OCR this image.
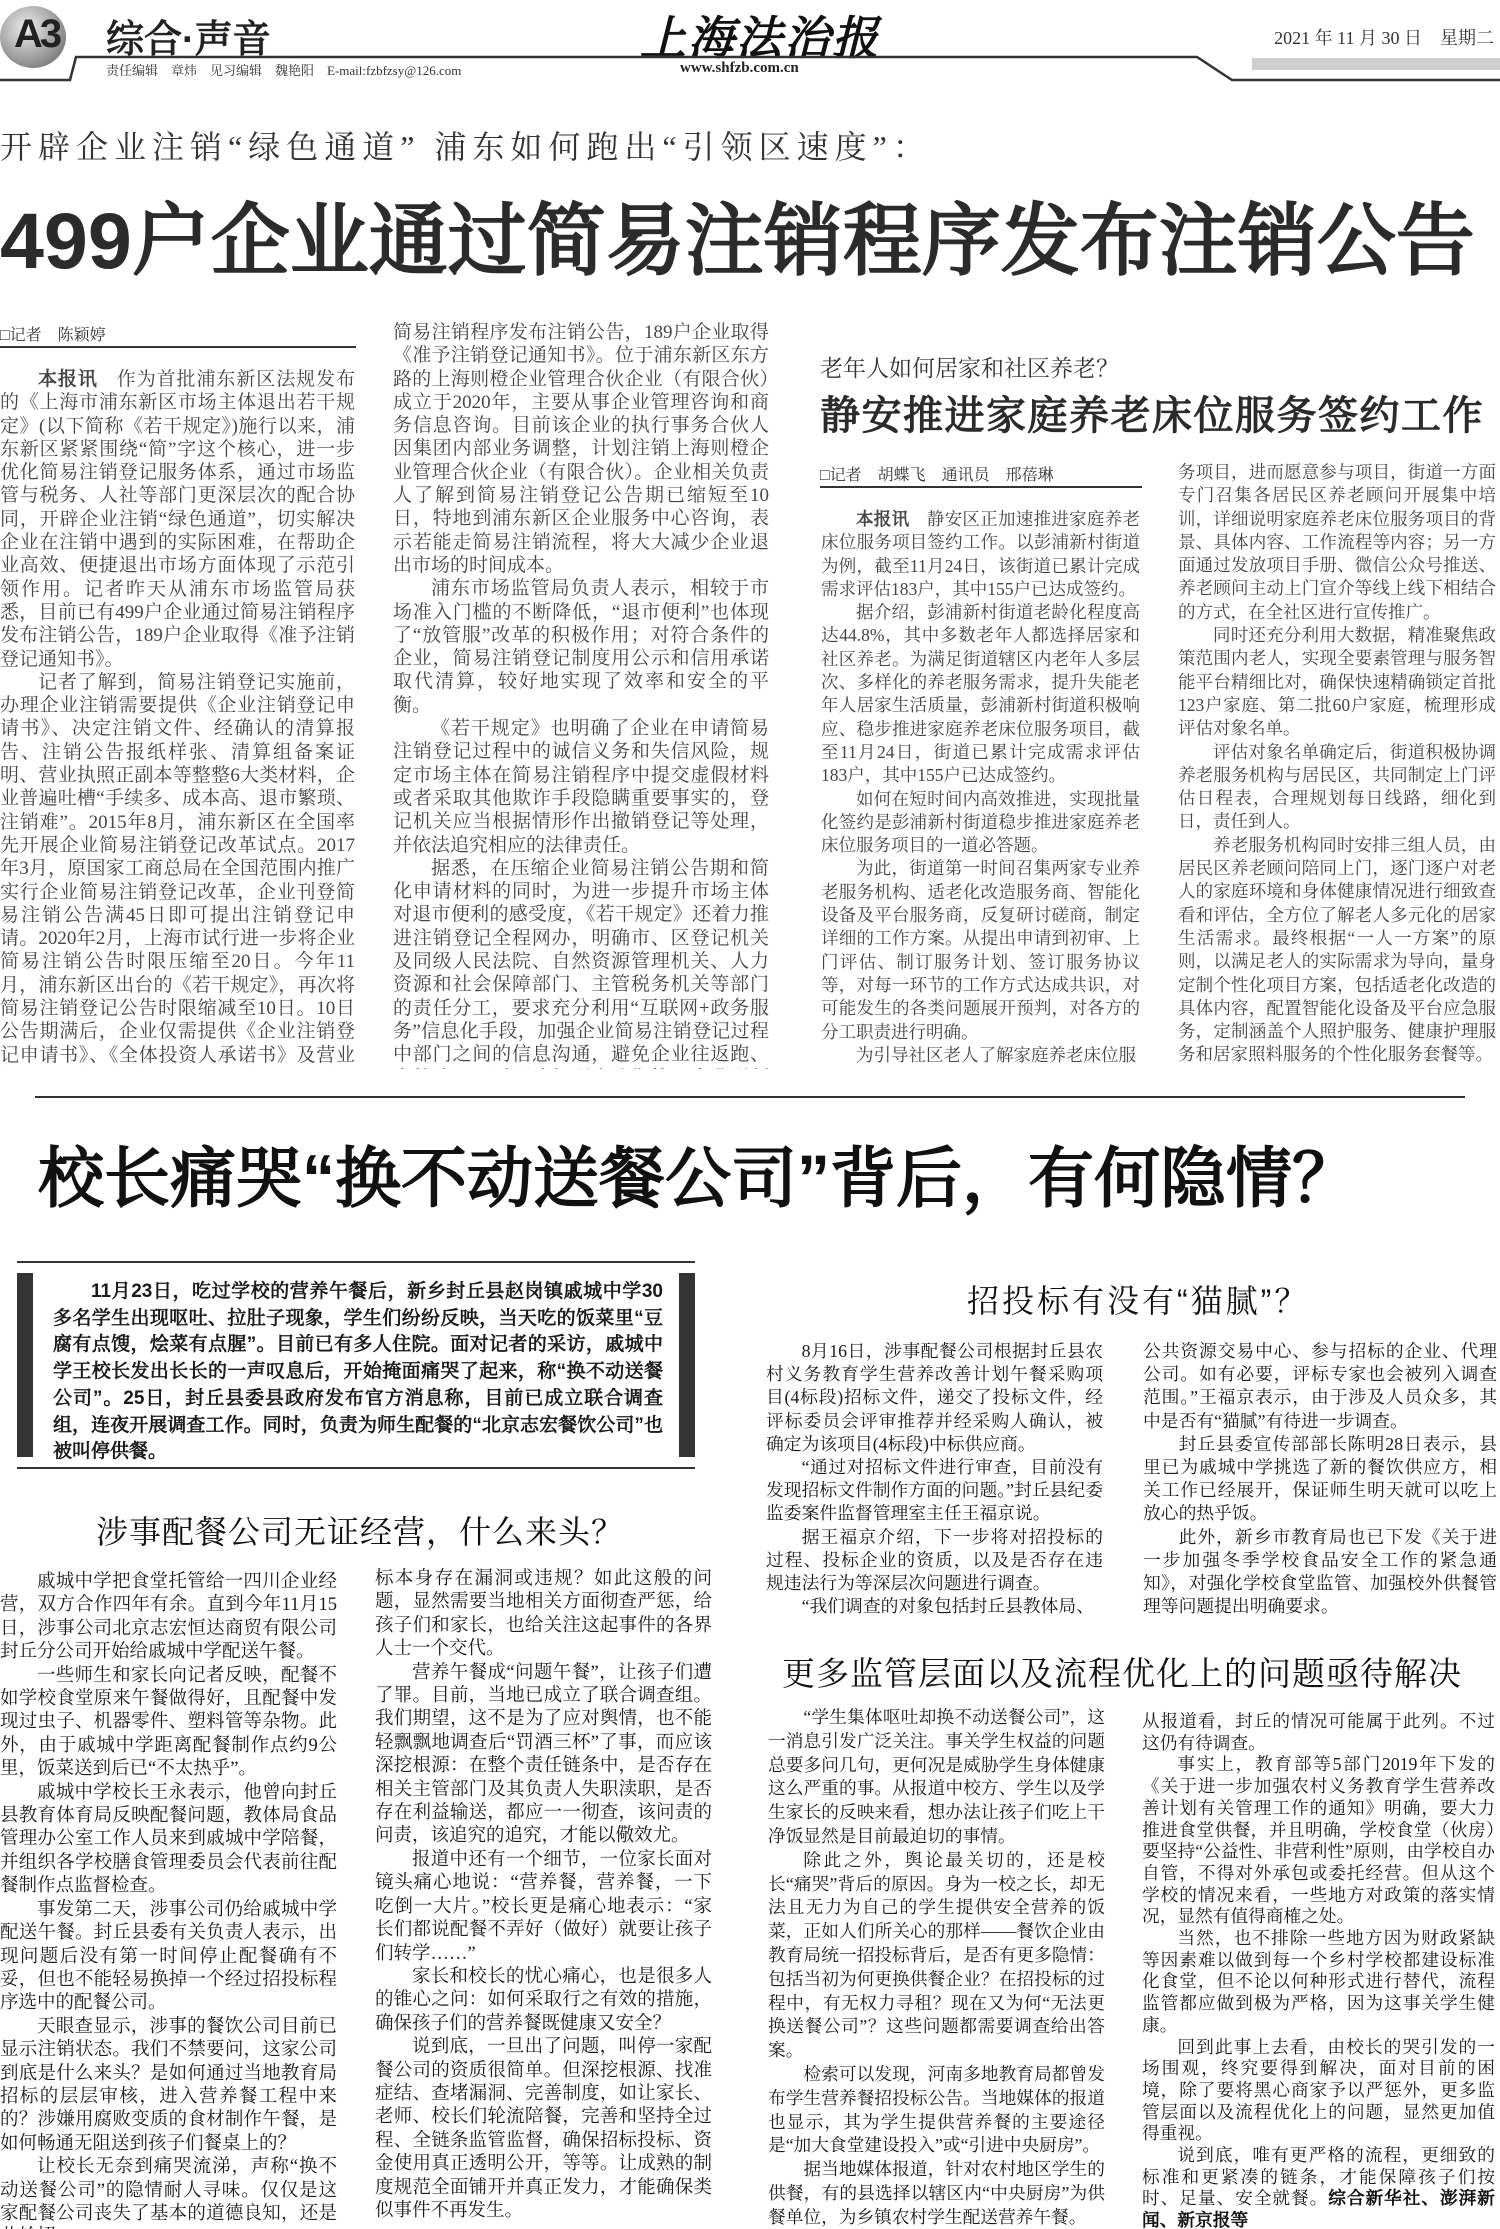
A3 综合·声音	上海法治报	2021 年 11 月 30 日　星期二
责任编辑　章炜　见习编辑　魏艳阳　E-mail:fzbfzsy@126.com	www.shfzb.com.cn
开辟企业注销“绿色通道” 浦东如何跑出“引领区速度”：
499户企业通过简易注销程序发布注销公告
□记者　陈颖婷

本报讯 作为首批浦东新区法规发布的《上海市浦东新区市场主体退出若干规定》(以下简称《若干规定》)施行以来，浦东新区紧紧围绕“简”字这个核心，进一步优化简易注销登记服务体系，通过市场监管与税务、人社等部门更深层次的配合协同，开辟企业注销“绿色通道”，切实解决企业在注销中遇到的实际困难，在帮助企业高效、便捷退出市场方面体现了示范引领作用。记者昨天从浦东市场监管局获悉，目前已有499户企业通过简易注销程序发布注销公告，189户企业取得《准予注销登记通知书》。

记者了解到，简易注销登记实施前，办理企业注销需要提供《企业注销登记申请书》、决定注销文件、经确认的清算报告、注销公告报纸样张、清算组备案证明、营业执照正副本等整整6大类材料，企业普遍吐槽“手续多、成本高、退市繁琐、注销难”。2015年8月，浦东新区在全国率先开展企业简易注销登记改革试点。2017年3月，原国家工商总局在全国范围内推广实行企业简易注销登记改革，企业刊登简易注销公告满45日即可提出注销登记申请。2020年2月，上海市试行进一步将企业简易注销公告时限压缩至20日。今年11月，浦东新区出台的《若干规定》，再次将简易注销登记公告时限缩减至10日。10日公告期满后，企业仅需提供《企业注销登记申请书》、《全体投资人承诺书》及营业

简易注销程序发布注销公告，189户企业取得《准予注销登记通知书》。位于浦东新区东方路的上海则橙企业管理合伙企业（有限合伙）成立于2020年，主要从事企业管理咨询和商务信息咨询。目前该企业的执行事务合伙人因集团内部业务调整，计划注销上海则橙企业管理合伙企业（有限合伙）。企业相关负责人了解到简易注销登记公告期已缩短至10日，特地到浦东新区企业服务中心咨询，表示若能走简易注销流程，将大大减少企业退出市场的时间成本。

浦东市场监管局负责人表示，相较于市场准入门槛的不断降低，“退市便利”也体现了“放管服”改革的积极作用；对符合条件的企业，简易注销登记制度用公示和信用承诺取代清算，较好地实现了效率和安全的平衡。

《若干规定》也明确了企业在申请简易注销登记过程中的诚信义务和失信风险，规定市场主体在简易注销程序中提交虚假材料或者采取其他欺诈手段隐瞒重要事实的，登记机关应当根据情形作出撤销登记等处理，并依法追究相应的法律责任。

据悉，在压缩企业简易注销公告期和简化申请材料的同时，为进一步提升市场主体对退市便利的感受度，《若干规定》还着力推进注销登记全程网办，明确市、区登记机关及同级人民法院、自然资源管理机关、人力资源和社会保障部门、主管税务机关等部门的责任分工，要求充分利用“互联网+政务服务”信息化手段，加强企业简易注销登记过程中部门之间的信息沟通，避免企业往返跑、

老年人如何居家和社区养老？
静安推进家庭养老床位服务签约工作
□记者　胡蝶飞　通讯员　邢蓓琳

本报讯 静安区正加速推进家庭养老床位服务项目签约工作。以彭浦新村街道为例，截至11月24日，该街道已累计完成需求评估183户，其中155户已达成签约。

据介绍，彭浦新村街道老龄化程度高达44.8%，其中多数老年人都选择居家和社区养老。为满足街道辖区内老年人多层次、多样化的养老服务需求，提升失能老年人居家生活质量，彭浦新村街道积极响应、稳步推进家庭养老床位服务项目，截至11月24日，街道已累计完成需求评估183户，其中155户已达成签约。

如何在短时间内高效推进，实现批量化签约是彭浦新村街道稳步推进家庭养老床位服务项目的一道必答题。

为此，街道第一时间召集两家专业养老服务机构、适老化改造服务商、智能化设备及平台服务商，反复研讨磋商，制定详细的工作方案。从提出申请到初审、上门评估、制订服务计划、签订服务协议等，对每一环节的工作方式达成共识，对可能发生的各类问题展开预判，对各方的分工职责进行明确。

为引导社区老人了解家庭养老床位服

务项目，进而愿意参与项目，街道一方面专门召集各居民区养老顾问开展集中培训，详细说明家庭养老床位服务项目的背景、具体内容、工作流程等内容；另一方面通过发放项目手册、微信公众号推送、养老顾问主动上门宣介等线上线下相结合的方式，在全社区进行宣传推广。

同时还充分利用大数据，精准聚焦政策范围内老人，实现全要素管理与服务智能平台精细比对，确保快速精确锁定首批123户家庭、第二批60户家庭，梳理形成评估对象名单。

评估对象名单确定后，街道积极协调养老服务机构与居民区，共同制定上门评估日程表，合理规划每日线路，细化到日，责任到人。

养老服务机构同时安排三组人员，由居民区养老顾问陪同上门，逐门逐户对老人的家庭环境和身体健康情况进行细致查看和评估，全方位了解老人多元化的居家生活需求。最终根据“一人一方案”的原则，以满足老人的实际需求为导向，量身定制个性化项目方案，包括适老化改造的具体内容，配置智能化设备及平台应急服务，定制涵盖个人照护服务、健康护理服务和居家照料服务的个性化服务套餐等。

校长痛哭“换不动送餐公司”背后，有何隐情？

11月23日，吃过学校的营养午餐后，新乡封丘县赵岗镇戚城中学30多名学生出现呕吐、拉肚子现象，学生们纷纷反映，当天吃的饭菜里“豆腐有点馊，烩菜有点腥”。目前已有多人住院。面对记者的采访，戚城中学王校长发出长长的一声叹息后，开始掩面痛哭了起来，称“换不动送餐公司”。25日，封丘县委县政府发布官方消息称，目前已成立联合调查组，连夜开展调查工作。同时，负责为师生配餐的“北京志宏餐饮公司”也被叫停供餐。

涉事配餐公司无证经营，什么来头？

戚城中学把食堂托管给一四川企业经营，双方合作四年有余。直到今年11月15日，涉事公司北京志宏恒达商贸有限公司封丘分公司开始给戚城中学配送午餐。

一些师生和家长向记者反映，配餐不如学校食堂原来午餐做得好，且配餐中发现过虫子、机器零件、塑料管等杂物。此外，由于戚城中学距离配餐制作点约9公里，饭菜送到后已“不太热乎”。

戚城中学校长王永表示，他曾向封丘县教育体育局反映配餐问题，教体局食品管理办公室工作人员来到戚城中学陪餐，并组织各学校膳食管理委员会代表前往配餐制作点监督检查。

事发第二天，涉事公司仍给戚城中学配送午餐。封丘县委有关负责人表示，出现问题后没有第一时间停止配餐确有不妥，但也不能轻易换掉一个经过招投标程序选中的配餐公司。

天眼查显示，涉事的餐饮公司目前已显示注销状态。我们不禁要问，这家公司到底是什么来头？是如何通过当地教育局招标的层层审核，进入营养餐工程中来的？涉嫌用腐败变质的食材制作午餐，是如何畅通无阻送到孩子们餐桌上的？

让校长无奈到痛哭流涕，声称“换不动送餐公司”的隐情耐人寻味。仅仅是这家配餐公司丧失了基本的道德良知，还是

标本身存在漏洞或违规？如此这般的问题，显然需要当地相关方面彻查严惩，给孩子们和家长，也给关注这起事件的各界人士一个交代。

营养午餐成“问题午餐”，让孩子们遭了罪。目前，当地已成立了联合调查组。我们期望，这不是为了应对舆情，也不能轻飘飘地调查后“罚酒三杯”了事，而应该深挖根源：在整个责任链条中，是否存在相关主管部门及其负责人失职渎职，是否存在利益输送，都应一一彻查，该问责的问责，该追究的追究，才能以儆效尤。

报道中还有一个细节，一位家长面对镜头痛心地说：“营养餐，营养餐，一下吃倒一大片。”校长更是痛心地表示：“家长们都说配餐不弄好（做好）就要让孩子们转学……”

家长和校长的忧心痛心，也是很多人的锥心之问：如何采取行之有效的措施，确保孩子们的营养餐既健康又安全？

说到底，一旦出了问题，叫停一家配餐公司的资质很简单。但深挖根源、找准症结、查堵漏洞、完善制度，如让家长、老师、校长们轮流陪餐，完善和坚持全过程、全链条监管监督，确保招标投标、资金使用真正透明公开，等等。让成熟的制度规范全面铺开并真正发力，才能确保类似事件不再发生。

招投标有没有“猫腻”？

8月16日，涉事配餐公司根据封丘县农村义务教育学生营养改善计划午餐采购项目(4标段)招标文件，递交了投标文件，经评标委员会评审推荐并经采购人确认，被确定为该项目(4标段)中标供应商。

“通过对招标文件进行审查，目前没有发现招标文件制作方面的问题。”封丘县纪委监委案件监督管理室主任王福京说。

据王福京介绍，下一步将对招投标的过程、投标企业的资质，以及是否存在违规违法行为等深层次问题进行调查。

“我们调查的对象包括封丘县教体局、

公共资源交易中心、参与招标的企业、代理公司。如有必要，评标专家也会被列入调查范围。”王福京表示，由于涉及人员众多，其中是否有“猫腻”有待进一步调查。

封丘县委宣传部部长陈明28日表示，县里已为戚城中学挑选了新的餐饮供应方，相关工作已经展开，保证师生明天就可以吃上放心的热乎饭。

此外，新乡市教育局也已下发《关于进一步加强冬季学校食品安全工作的紧急通知》，对强化学校食堂监管、加强校外供餐管理等问题提出明确要求。

更多监管层面以及流程优化上的问题亟待解决

“学生集体呕吐却换不动送餐公司”，这一消息引发广泛关注。事关学生权益的问题总要多问几句，更何况是威胁学生身体健康这么严重的事。从报道中校方、学生以及学生家长的反映来看，想办法让孩子们吃上干净饭显然是目前最迫切的事情。

除此之外，舆论最关切的，还是校长“痛哭”背后的原因。身为一校之长，却无法且无力为自己的学生提供安全营养的饭菜，正如人们所关心的那样——餐饮企业由教育局统一招投标背后，是否有更多隐情：包括当初为何更换供餐企业？在招投标的过程中，有无权力寻租？现在又为何“无法更换送餐公司”？这些问题都需要调查给出答案。

检索可以发现，河南多地教育局都曾发布学生营养餐招投标公告。当地媒体的报道也显示，其为学生提供营养餐的主要途径是“加大食堂建设投入”或“引进中央厨房”。

据当地媒体报道，针对农村地区学生的供餐，有的县选择以辖区内“中央厨房”为供餐单位，为乡镇农村学生配送营养午餐。

从报道看，封丘的情况可能属于此列。不过这仍有待调查。

事实上，教育部等5部门2019年下发的《关于进一步加强农村义务教育学生营养改善计划有关管理工作的通知》明确，要大力推进食堂供餐，并且明确，学校食堂（伙房）要坚持“公益性、非营利性”原则，由学校自办自管，不得对外承包或委托经营。但从这个学校的情况来看，一些地方对政策的落实情况，显然有值得商榷之处。

当然，也不排除一些地方因为财政紧缺等因素难以做到每一个乡村学校都建设标准化食堂，但不论以何种形式进行替代，流程监管都应做到极为严格，因为这事关学生健康。

回到此事上去看，由校长的哭引发的一场围观，终究要得到解决，面对目前的困境，除了要将黑心商家予以严惩外，更多监管层面以及流程优化上的问题，显然更加值得重视。

说到底，唯有更严格的流程，更细致的标准和更紧凑的链条，才能保障孩子们按时、足量、安全就餐。综合新华社、澎湃新闻、新京报等
